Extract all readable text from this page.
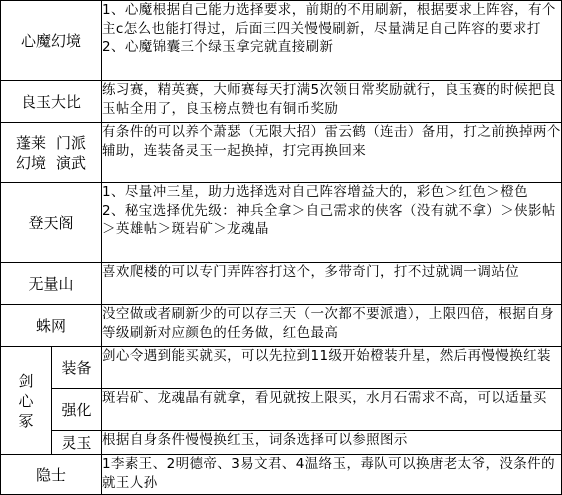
心魔幻境		1、心魔根据自己能力选择要求，前期的不用刷新，根据要求上阵容，有个主c怎么也能打得过，后面三四关慢慢刷新，尽量满足自己阵容的要求打
2、心魔锦囊三个绿玉拿完就直接刷新
良玉大比		练习赛，精英赛，大师赛每天打满5次领日常奖励就行，良玉赛的时候把良玉帖全用了，良玉榜点赞也有铜币奖励
蓬莱幻境门派演武		有条件的可以养个萧瑟（无限大招）雷云鹤（连击）备用，打之前换掉两个辅助，连装备灵玉一起换掉，打完再换回来
登天阁		1、尽量冲三星，助力选择选对自己阵容增益大的，彩色＞红色＞橙色
2、秘宝选择优先级：神兵全拿＞自己需求的侠客（没有就不拿）＞侠影帖＞英雄帖＞斑岩矿＞龙魂晶
无量山		喜欢爬楼的可以专门弄阵容打这个，多带奇门，打不过就调一调站位
蛛网		没空做或者刷新少的可以存三天（一次都不要派遣），上限四倍，根据自身等级刷新对应颜色的任务做，红色最高
剑心冢	装备	剑心令遇到能买就买，可以先拉到11级开始橙装升星，然后再慢慢换红装
	强化	斑岩矿、龙魂晶有就拿，看见就按上限买，水月石需求不高，可以适量买
	灵玉	根据自身条件慢慢换红玉，词条选择可以参照图示
隐士		1李素王、2明德帝、3易文君、4温络玉，毒队可以换唐老太爷，没条件的就王人孙
